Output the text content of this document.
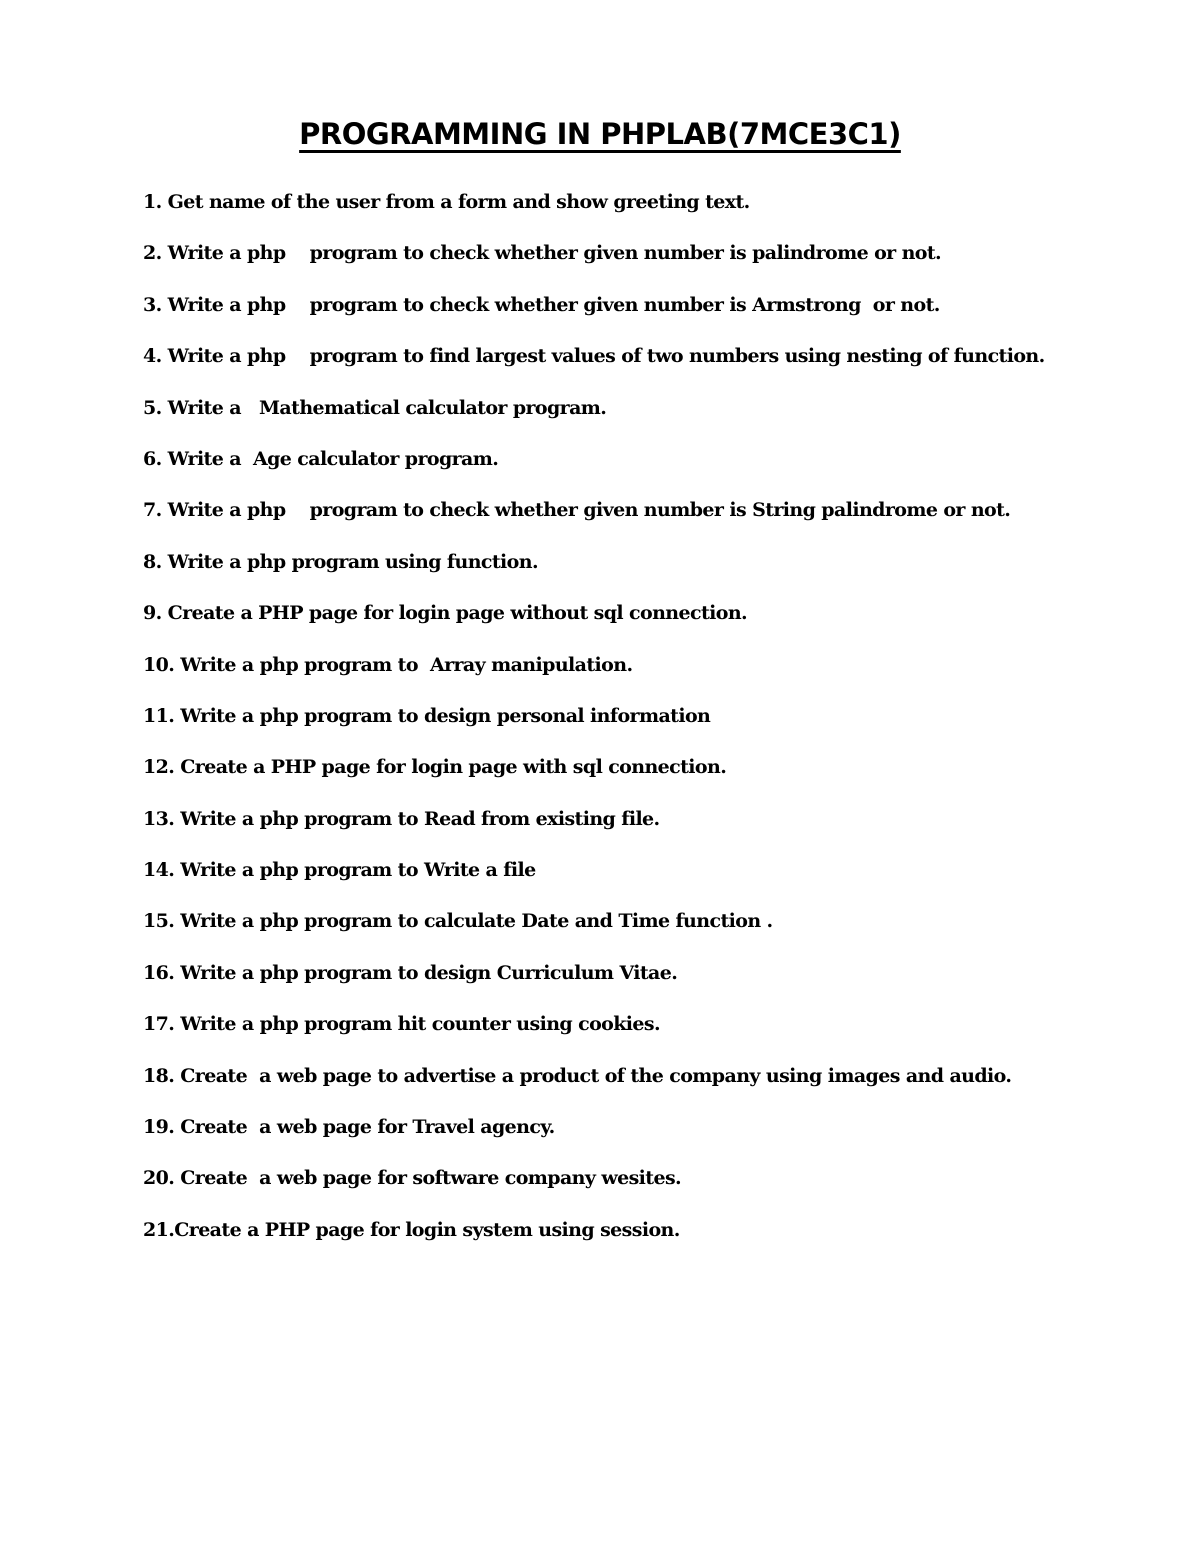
PROGRAMMING IN PHPLAB(7MCE3C1)
1. Get name of the user from a form and show greeting text.
2. Write a php    program to check whether given number is palindrome or not.
3. Write a php    program to check whether given number is Armstrong  or not.
4. Write a php    program to find largest values of two numbers using nesting of function.
5. Write a   Mathematical calculator program.
6. Write a  Age calculator program.
7. Write a php    program to check whether given number is String palindrome or not.
8. Write a php program using function.
9. Create a PHP page for login page without sql connection.
10. Write a php program to  Array manipulation.
11. Write a php program to design personal information
12. Create a PHP page for login page with sql connection.
13. Write a php program to Read from existing file.
14. Write a php program to Write a file
15. Write a php program to calculate Date and Time function .
16. Write a php program to design Curriculum Vitae.
17. Write a php program hit counter using cookies.
18. Create  a web page to advertise a product of the company using images and audio.
19. Create  a web page for Travel agency.
20. Create  a web page for software company wesites.
21.Create a PHP page for login system using session.
